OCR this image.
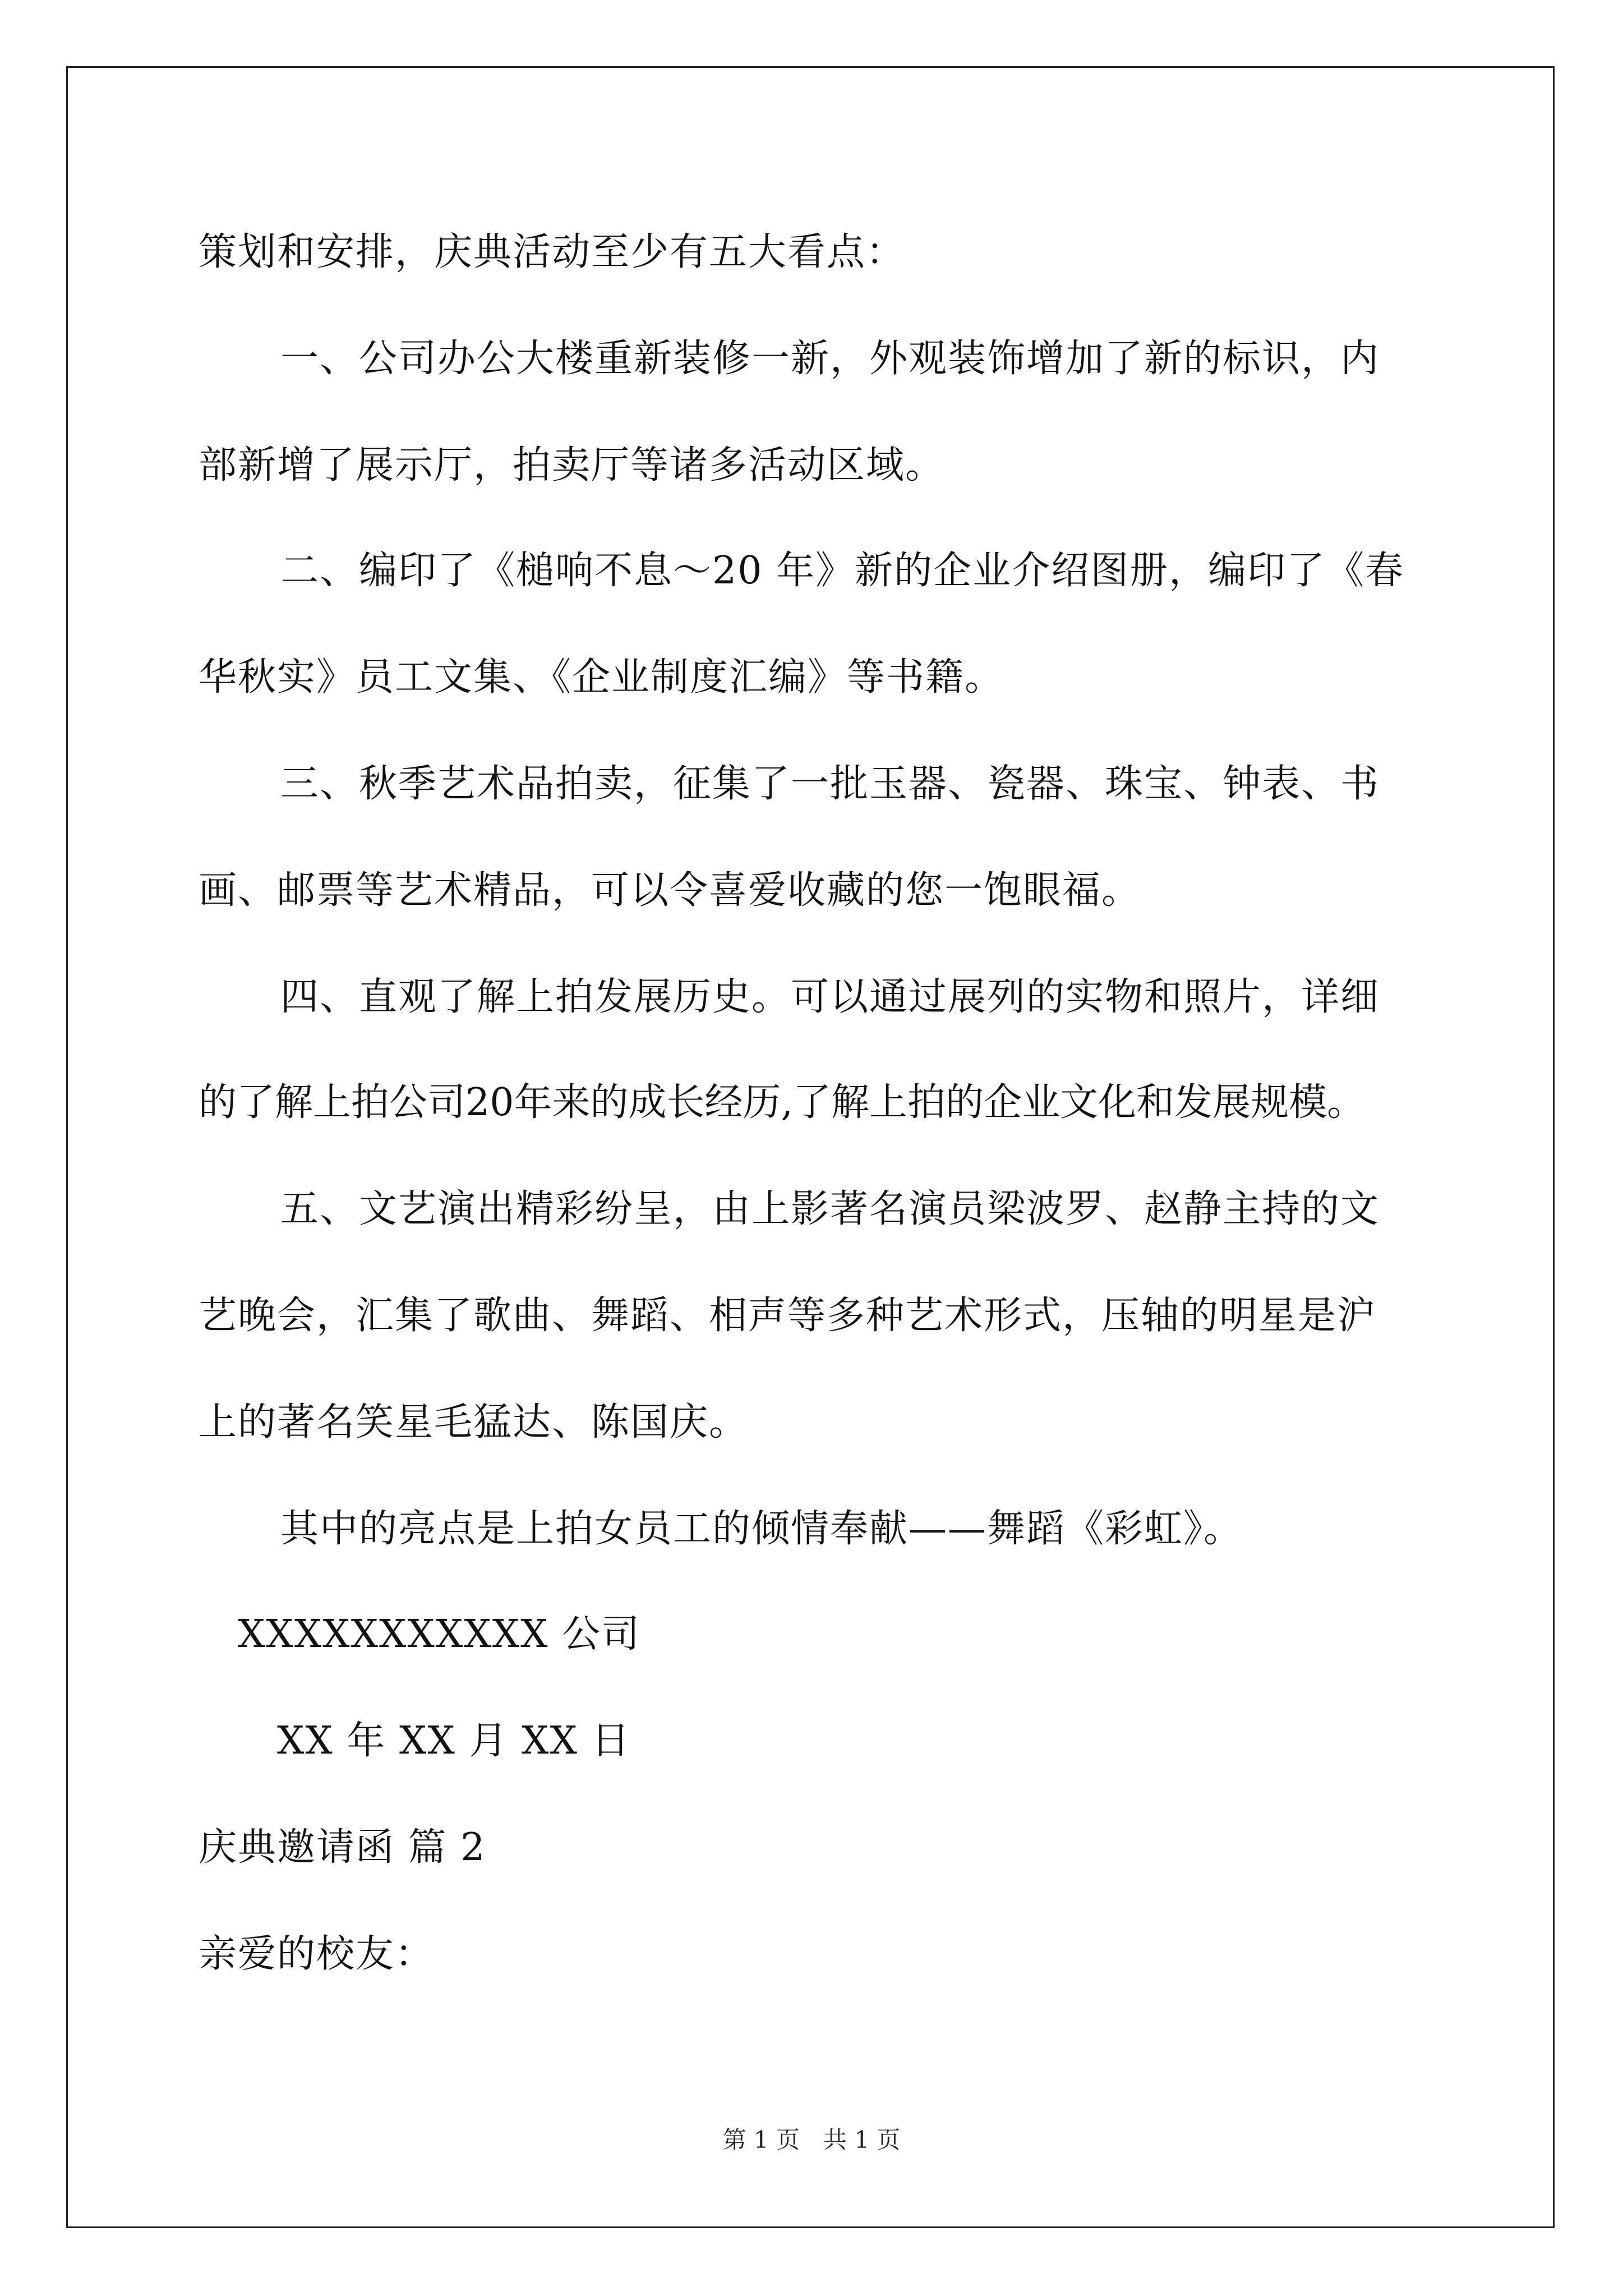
策划和安排，庆典活动至少有五大看点：
一、公司办公大楼重新装修一新，外观装饰增加了新的标识，内
部新增了展示厅，拍卖厅等诸多活动区域。
二、编印了《槌响不息～20 年》新的企业介绍图册，编印了《春
华秋实》员工文集、《企业制度汇编》等书籍。
三、秋季艺术品拍卖，征集了一批玉器、瓷器、珠宝、钟表、书
画、邮票等艺术精品，可以令喜爱收藏的您一饱眼福。
四、直观了解上拍发展历史。可以通过展列的实物和照片，详细
的了解上拍公司20年来的成长经历,了解上拍的企业文化和发展规模。
五、文艺演出精彩纷呈，由上影著名演员梁波罗、赵静主持的文
艺晚会，汇集了歌曲、舞蹈、相声等多种艺术形式，压轴的明星是沪
上的著名笑星毛猛达、陈国庆。
其中的亮点是上拍女员工的倾情奉献——舞蹈《彩虹》。
XXXXXXXXXXX 公司
XX 年 XX 月 XX 日
庆典邀请函 篇 2
亲爱的校友：
第 1 页　共 1 页
